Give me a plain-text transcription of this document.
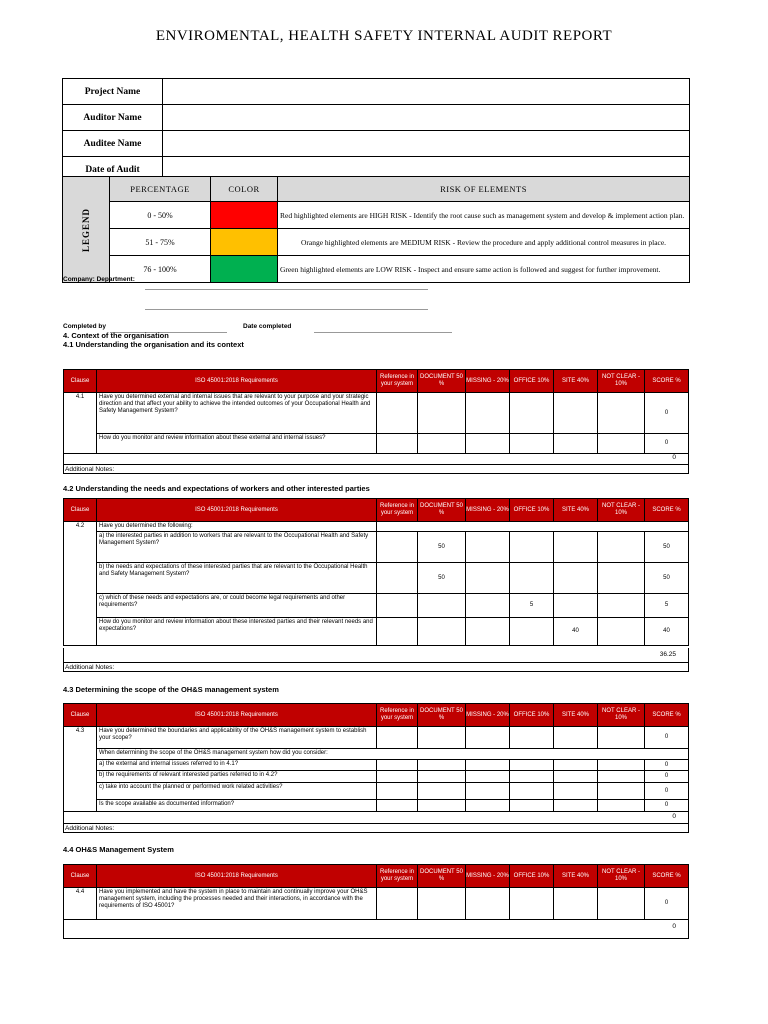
ENVIROMENTAL, HEALTH SAFETY INTERNAL AUDIT REPORT
Project Name	
Auditor Name	
Auditee Name	
Date of Audit	
LEGEND	PERCENTAGE	COLOR	RISK OF ELEMENTS
	0 - 50%		Red highlighted elements are HIGH RISK - Identify the root cause such as management system and develop & implement action plan.
	51 - 75%		Orange highlighted elements are MEDIUM RISK - Review the procedure and apply additional control measures in place.
	76 - 100%		Green highlighted elements are LOW RISK - Inspect and ensure same action is followed and suggest for further improvement.
Company: Department:
Completed by	Date completed
4. Context of the organisation
4.1 Understanding the organisation and its context
Clause	ISO 45001:2018 Requirements	Reference in your system	DOCUMENT 50 %	MISSING - 20%	OFFICE 10%	SITE 40%	NOT CLEAR - 10%	SCORE %
4.1	Have you determined external and internal issues that are relevant to your purpose and your strategic direction and that affect your ability to achieve the intended outcomes of your Occupational Health and Safety Management System?							0
	How do you monitor and review information about these external and internal issues?							0
0
Additional Notes:
4.2 Understanding the needs and expectations of workers and other interested parties
Clause	ISO 45001:2018 Requirements	Reference in your system	DOCUMENT 50 %	MISSING - 20%	OFFICE 10%	SITE 40%	NOT CLEAR - 10%	SCORE %
4.2	Have you determined the following:							
	a) the interested parties in addition to workers that are relevant to the Occupational Health and Safety Management System?		50					50
	b) the needs and expectations of these interested parties that are relevant to the Occupational Health and Safety Management System?		50					50
	c) which of these needs and expectations are, or could become legal requirements and other requirements?				5			5
	How do you monitor and review information about these interested parties and their relevant needs and expectations?					40		40
36.25
Additional Notes:
4.3 Determining the scope of the OH&S management system
Clause	ISO 45001:2018 Requirements	Reference in your system	DOCUMENT 50 %	MISSING - 20%	OFFICE 10%	SITE 40%	NOT CLEAR - 10%	SCORE %
4.3	Have you determined the boundaries and applicability of the OH&S management system to establish your scope?							0
	When determining the scope of the OH&S management system how did you consider:							
	a) the external and internal issues referred to in 4.1?							0
	b) the requirements of relevant interested parties referred to in 4.2?							0
	c) take into account the planned or performed work related activities?							0
	Is the scope available as documented information?							0
0
Additional Notes:
4.4 OH&S Management System
Clause	ISO 45001:2018 Requirements	Reference in your system	DOCUMENT 50 %	MISSING - 20%	OFFICE 10%	SITE 40%	NOT CLEAR - 10%	SCORE %
4.4	Have you implemented and have the system in place to maintain and continually improve your OH&S management system, including the processes needed and their interactions, in accordance with the requirements of ISO 45001?							0
0
